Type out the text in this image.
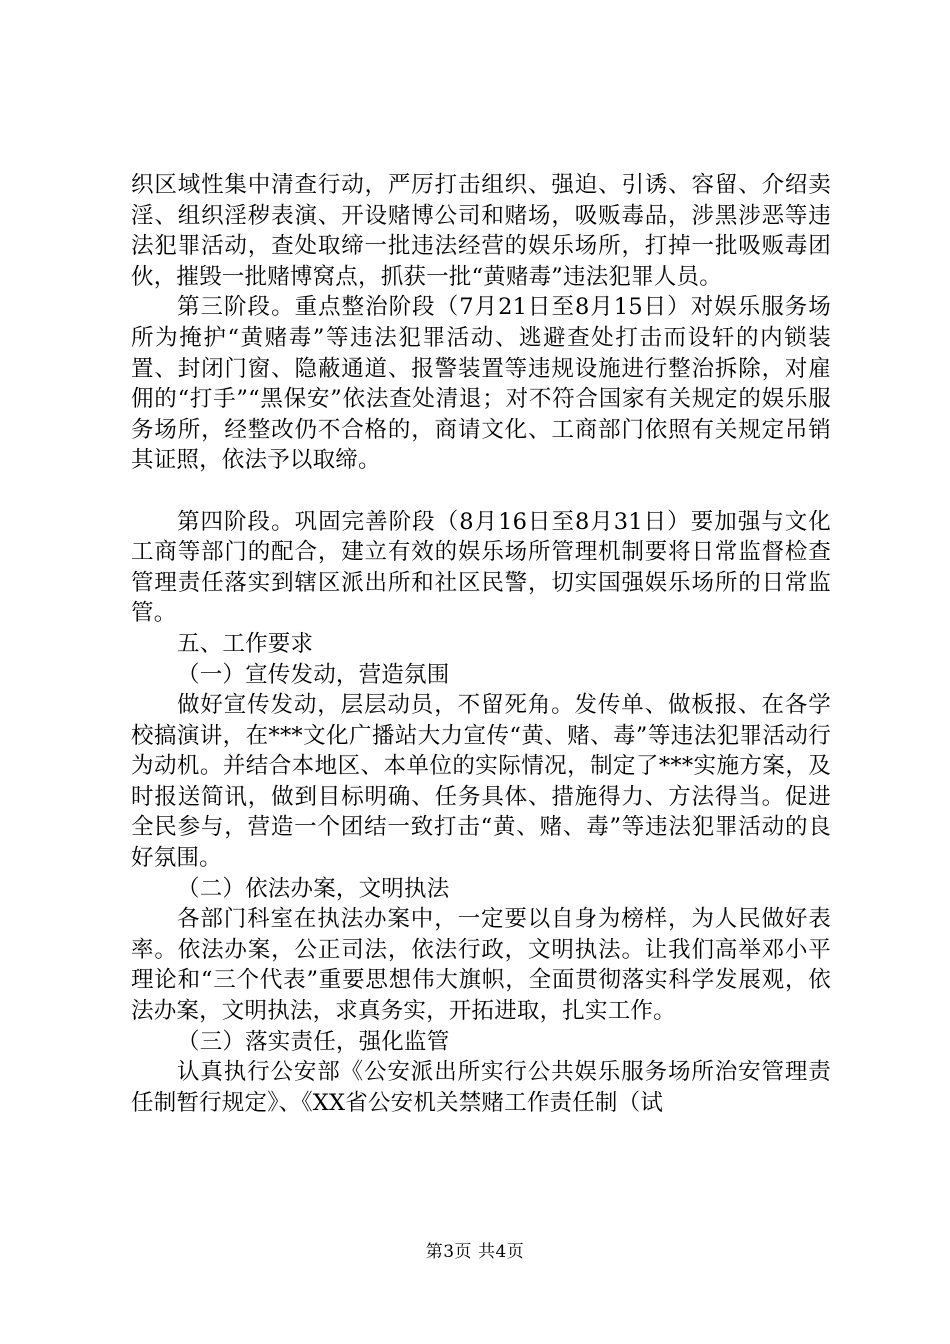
织区域性集中清查行动，严厉打击组织、强迫、引诱、容留、介绍卖淫、组织淫秽表演、开设赌博公司和赌场，吸贩毒品，涉黑涉恶等违法犯罪活动，查处取缔一批违法经营的娱乐场所，打掉一批吸贩毒团伙，摧毁一批赌博窝点，抓获一批“黄赌毒”违法犯罪人员。

第三阶段。重点整治阶段（7月21日至8月15日）对娱乐服务场所为掩护“黄赌毒”等违法犯罪活动、逃避查处打击而设轩的内锁装置、封闭门窗、隐蔽通道、报警装置等违规设施进行整治拆除，对雇佣的“打手”“黑保安”依法查处清退；对不符合国家有关规定的娱乐服务场所，经整改仍不合格的，商请文化、工商部门依照有关规定吊销其证照，依法予以取缔。

第四阶段。巩固完善阶段（8月16日至8月31日）要加强与文化工商等部门的配合，建立有效的娱乐场所管理机制要将日常监督检查管理责任落实到辖区派出所和社区民警，切实国强娱乐场所的日常监管。

五、工作要求

（一）宣传发动，营造氛围

做好宣传发动，层层动员，不留死角。发传单、做板报、在各学校搞演讲，在***文化广播站大力宣传“黄、赌、毒”等违法犯罪活动行为动机。并结合本地区、本单位的实际情况，制定了***实施方案，及时报送简讯，做到目标明确、任务具体、措施得力、方法得当。促进全民参与，营造一个团结一致打击“黄、赌、毒”等违法犯罪活动的良好氛围。

（二）依法办案，文明执法

各部门科室在执法办案中，一定要以自身为榜样，为人民做好表率。依法办案，公正司法，依法行政，文明执法。让我们高举邓小平理论和“三个代表”重要思想伟大旗帜，全面贯彻落实科学发展观，依法办案，文明执法，求真务实，开拓进取，扎实工作。

（三）落实责任，强化监管

认真执行公安部《公安派出所实行公共娱乐服务场所治安管理责任制暂行规定》、《XX省公安机关禁赌工作责任制（试

第3页 共4页
